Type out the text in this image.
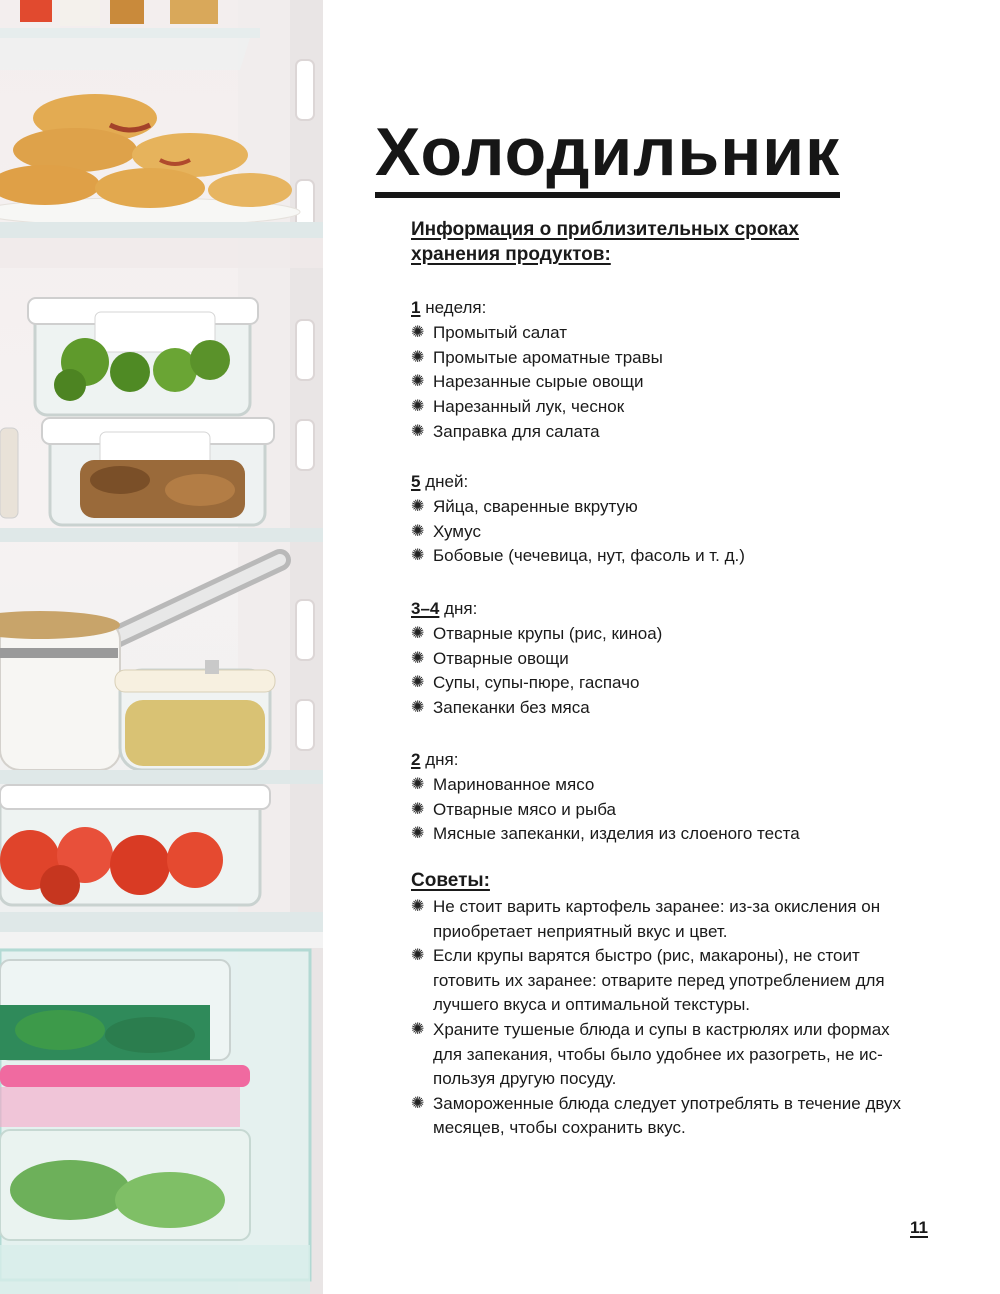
Холодильник
Информация о приблизительных сроках хранения продуктов:

1 неделя:

✺ Промытый салат
✺ Промытые ароматные травы
✺ Нарезанные сырые овощи
✺ Нарезанный лук, чеснок
✺ Заправка для салата

5 дней:

✺ Яйца, сваренные вкрутую
✺ Хумус
✺ Бобовые (чечевица, нут, фасоль и т. д.)

3–4 дня:

✺ Отварные крупы (рис, киноа)
✺ Отварные овощи
✺ Супы, супы-пюре, гаспачо
✺ Запеканки без мяса

2 дня:

✺ Маринованное мясо
✺ Отварные мясо и рыба
✺ Мясные запеканки, изделия из слоеного теста
Советы:
✺ Не стоит варить картофель заранее: из-за окисления он приобретает неприятный вкус и цвет.
✺ Если крупы варятся быстро (рис, макароны), не стоит готовить их заранее: отварите перед употреблением для лучшего вкуса и оптимальной текстуры.
✺ Храните тушеные блюда и супы в кастрюлях или формах для запекания, чтобы было удобнее их разогреть, не ис-пользуя другую посуду.
✺ Замороженные блюда следует употреблять в течение двух месяцев, чтобы сохранить вкус.
11
